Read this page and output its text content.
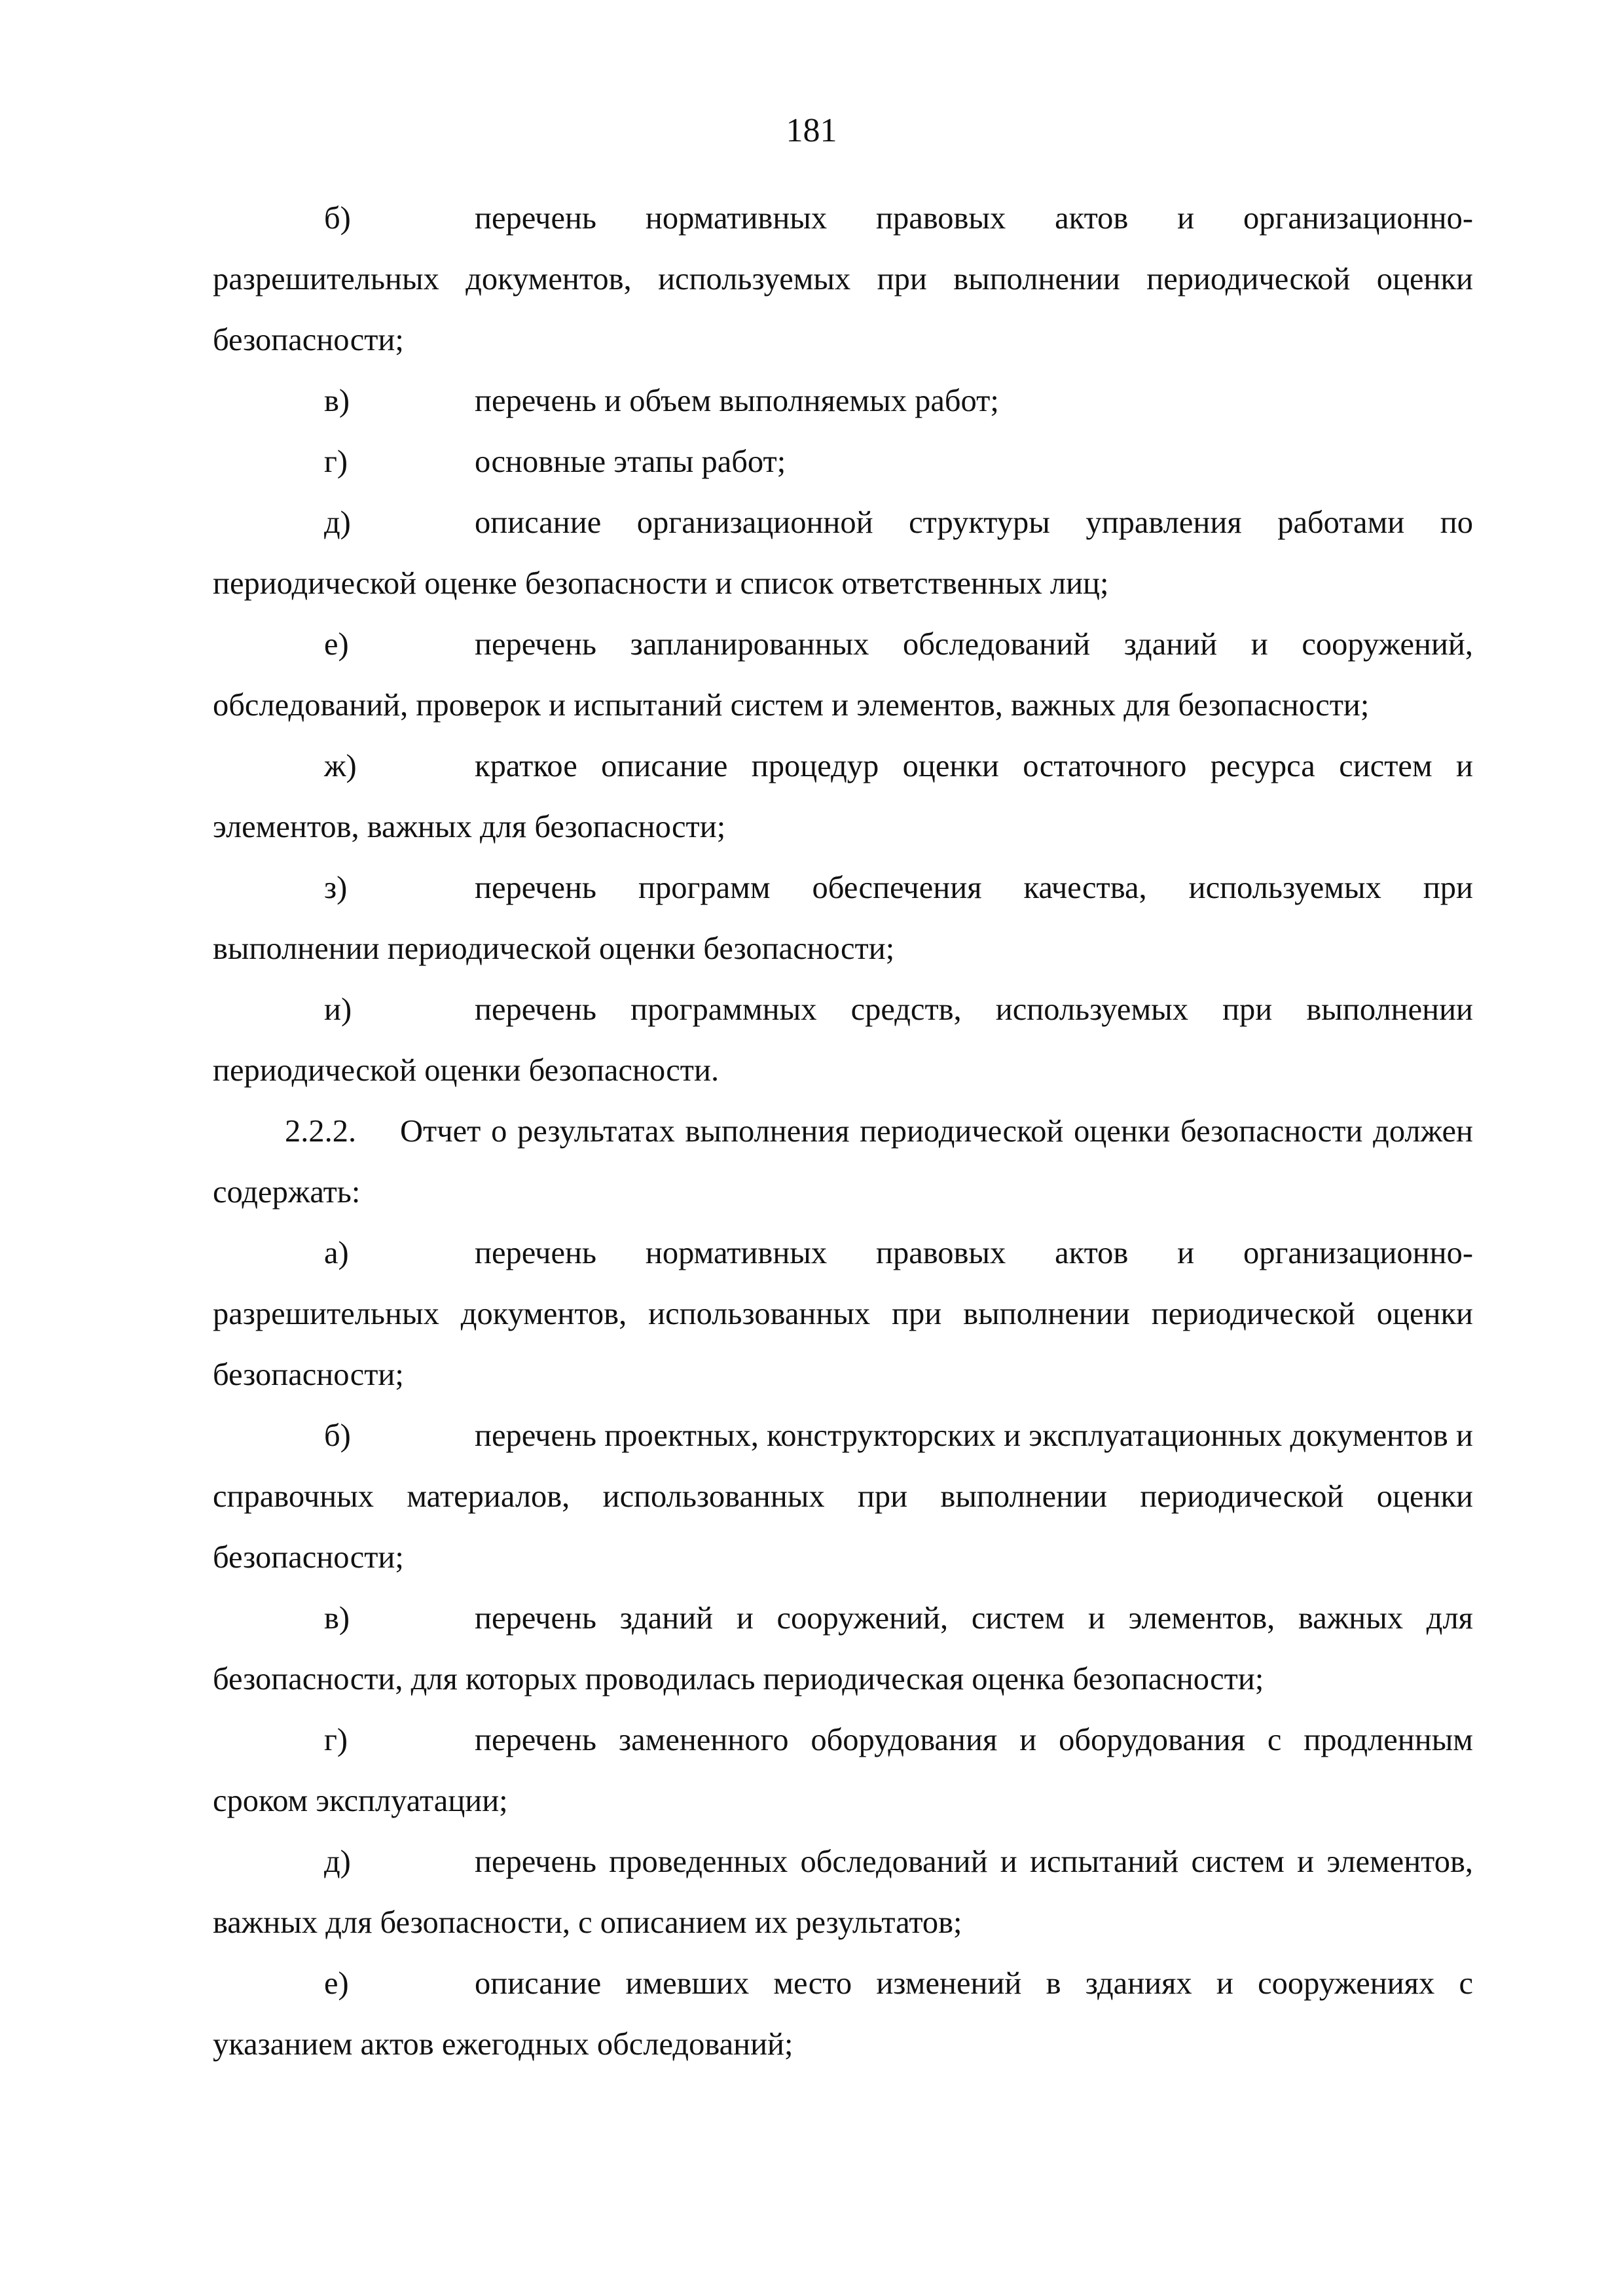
181

б)	перечень нормативных правовых актов и организационно-разрешительных документов, используемых при выполнении периодической оценки безопасности;

в)	перечень и объем выполняемых работ;

г)	основные этапы работ;

д)	описание организационной структуры управления работами по периодической оценке безопасности и список ответственных лиц;

е)	перечень запланированных обследований зданий и сооружений, обследований, проверок и испытаний систем и элементов, важных для безопасности;

ж)	краткое описание процедур оценки остаточного ресурса систем и элементов, важных для безопасности;

з)	перечень программ обеспечения качества, используемых при выполнении периодической оценки безопасности;

и)	перечень программных средств, используемых при выполнении периодической оценки безопасности.

2.2.2. Отчет о результатах выполнения периодической оценки безопасности должен содержать:

а)	перечень нормативных правовых актов и организационно-разрешительных документов, использованных при выполнении периодической оценки безопасности;

б)	перечень проектных, конструкторских и эксплуатационных документов и справочных материалов, использованных при выполнении периодической оценки безопасности;

в)	перечень зданий и сооружений, систем и элементов, важных для безопасности, для которых проводилась периодическая оценка безопасности;

г)	перечень замененного оборудования и оборудования с продленным сроком эксплуатации;

д)	перечень проведенных обследований и испытаний систем и элементов, важных для безопасности, с описанием их результатов;

е)	описание имевших место изменений в зданиях и сооружениях с указанием актов ежегодных обследований;
